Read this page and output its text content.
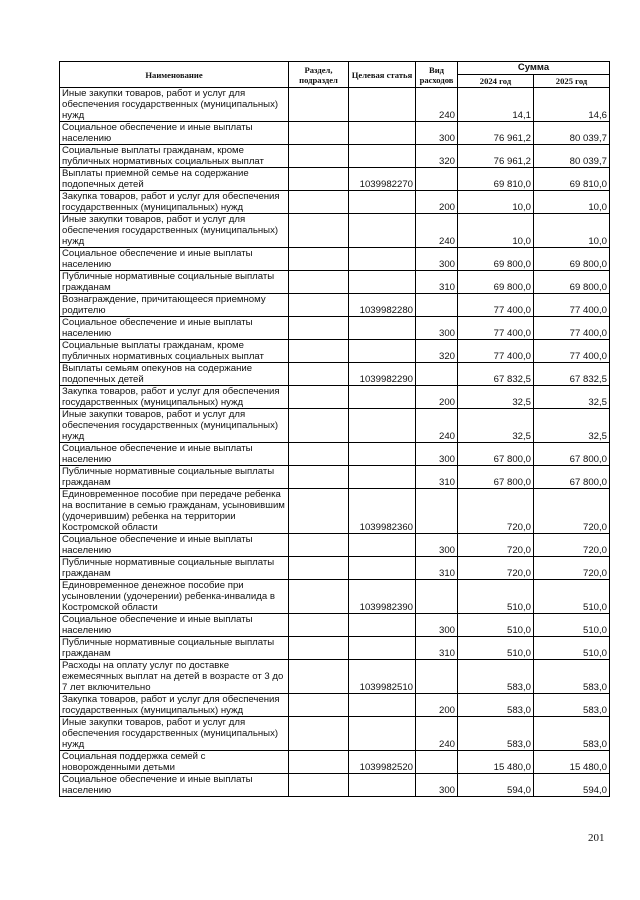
Наименование	Раздел, подраздел	Целевая статья	Вид расходов	Сумма	
				2024 год	2025 год
Иные закупки товаров, работ и услуг для обеспечения государственных (муниципальных) нужд			240	14,1	14,6
Социальное обеспечение и иные выплаты населению			300	76 961,2	80 039,7
Социальные выплаты гражданам, кроме публичных нормативных социальных выплат			320	76 961,2	80 039,7
Выплаты приемной семье на содержание подопечных детей		1039982270		69 810,0	69 810,0
Закупка товаров, работ и услуг для обеспечения государственных (муниципальных) нужд			200	10,0	10,0
Иные закупки товаров, работ и услуг для обеспечения государственных (муниципальных) нужд			240	10,0	10,0
Социальное обеспечение и иные выплаты населению			300	69 800,0	69 800,0
Публичные нормативные социальные выплаты гражданам			310	69 800,0	69 800,0
Вознаграждение, причитающееся приемному родителю		1039982280		77 400,0	77 400,0
Социальное обеспечение и иные выплаты населению			300	77 400,0	77 400,0
Социальные выплаты гражданам, кроме публичных нормативных социальных выплат			320	77 400,0	77 400,0
Выплаты семьям опекунов на содержание подопечных детей		1039982290		67 832,5	67 832,5
Закупка товаров, работ и услуг для обеспечения государственных (муниципальных) нужд			200	32,5	32,5
Иные закупки товаров, работ и услуг для обеспечения государственных (муниципальных) нужд			240	32,5	32,5
Социальное обеспечение и иные выплаты населению			300	67 800,0	67 800,0
Публичные нормативные социальные выплаты гражданам			310	67 800,0	67 800,0
Единовременное пособие при передаче ребенка на воспитание в семью гражданам, усыновившим (удочерившим) ребенка на территории Костромской области		1039982360		720,0	720,0
Социальное обеспечение и иные выплаты населению			300	720,0	720,0
Публичные нормативные социальные выплаты гражданам			310	720,0	720,0
Единовременное денежное пособие при усыновлении (удочерении) ребенка-инвалида в Костромской области		1039982390		510,0	510,0
Социальное обеспечение и иные выплаты населению			300	510,0	510,0
Публичные нормативные социальные выплаты гражданам			310	510,0	510,0
Расходы на оплату услуг по доставке ежемесячных выплат на детей в возрасте от 3 до 7 лет включительно		1039982510		583,0	583,0
Закупка товаров, работ и услуг для обеспечения государственных (муниципальных) нужд			200	583,0	583,0
Иные закупки товаров, работ и услуг для обеспечения государственных (муниципальных) нужд			240	583,0	583,0
Социальная поддержка семей с новорожденными детьми		1039982520		15 480,0	15 480,0
Социальное обеспечение и иные выплаты населению			300	594,0	594,0
201
